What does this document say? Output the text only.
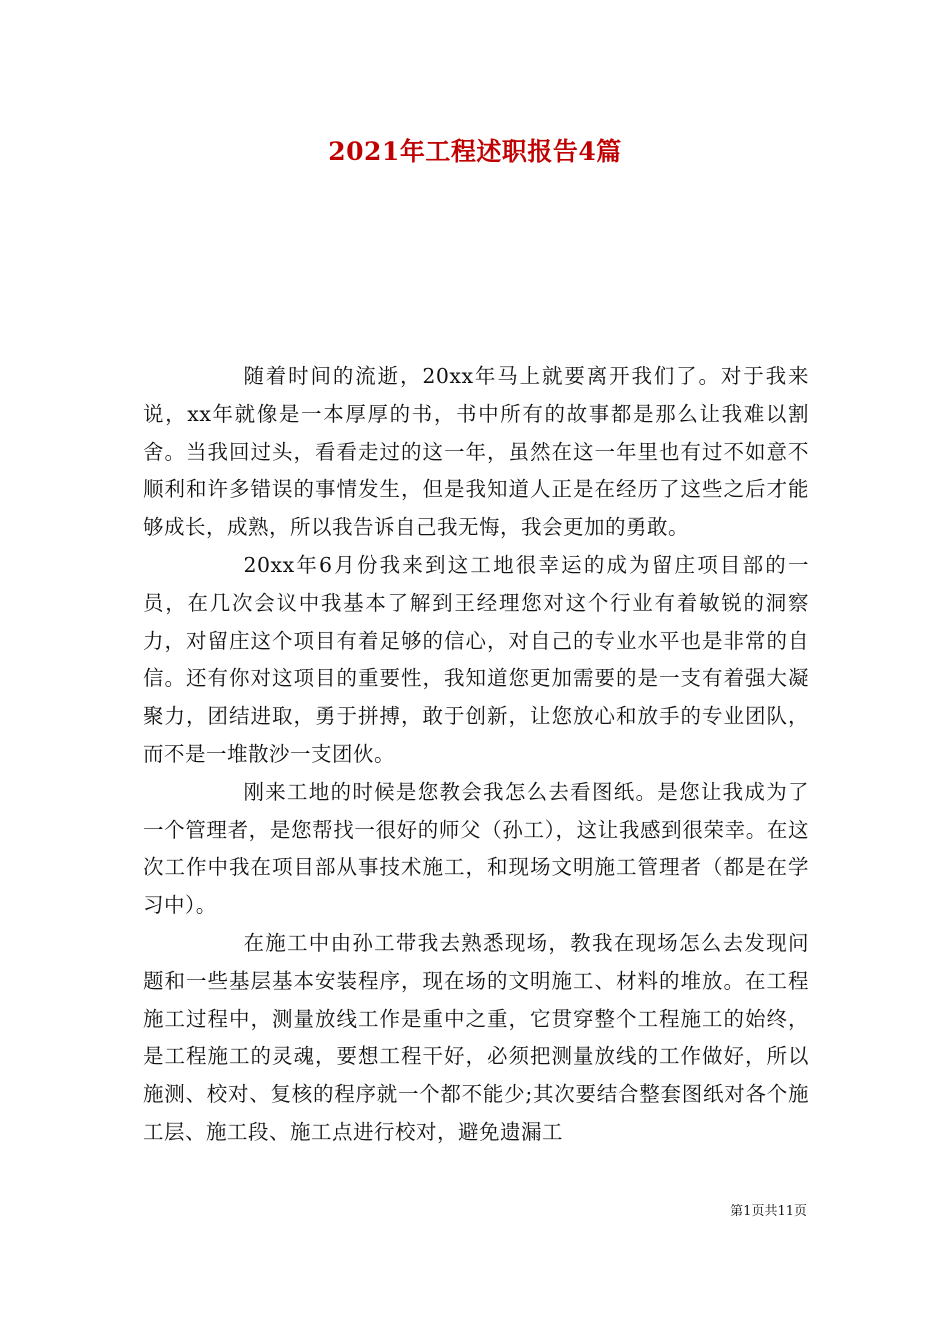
2021年工程述职报告4篇

随着时间的流逝，20xx年马上就要离开我们了。对于我来说，xx年就像是一本厚厚的书，书中所有的故事都是那么让我难以割舍。当我回过头，看看走过的这一年，虽然在这一年里也有过不如意不顺利和许多错误的事情发生，但是我知道人正是在经历了这些之后才能够成长，成熟，所以我告诉自己我无悔，我会更加的勇敢。

20xx年6月份我来到这工地很幸运的成为留庄项目部的一员，在几次会议中我基本了解到王经理您对这个行业有着敏锐的洞察力，对留庄这个项目有着足够的信心，对自己的专业水平也是非常的自信。还有你对这项目的重要性，我知道您更加需要的是一支有着强大凝聚力，团结进取，勇于拼搏，敢于创新，让您放心和放手的专业团队，而不是一堆散沙一支团伙。

刚来工地的时候是您教会我怎么去看图纸。是您让我成为了一个管理者，是您帮找一很好的师父（孙工），这让我感到很荣幸。在这次工作中我在项目部从事技术施工，和现场文明施工管理者（都是在学习中）。

在施工中由孙工带我去熟悉现场，教我在现场怎么去发现问题和一些基层基本安装程序，现在场的文明施工、材料的堆放。在工程施工过程中，测量放线工作是重中之重，它贯穿整个工程施工的始终，是工程施工的灵魂，要想工程干好，必须把测量放线的工作做好，所以施测、校对、复核的程序就一个都不能少;其次要结合整套图纸对各个施工层、施工段、施工点进行校对，避免遗漏工

第1页共11页
